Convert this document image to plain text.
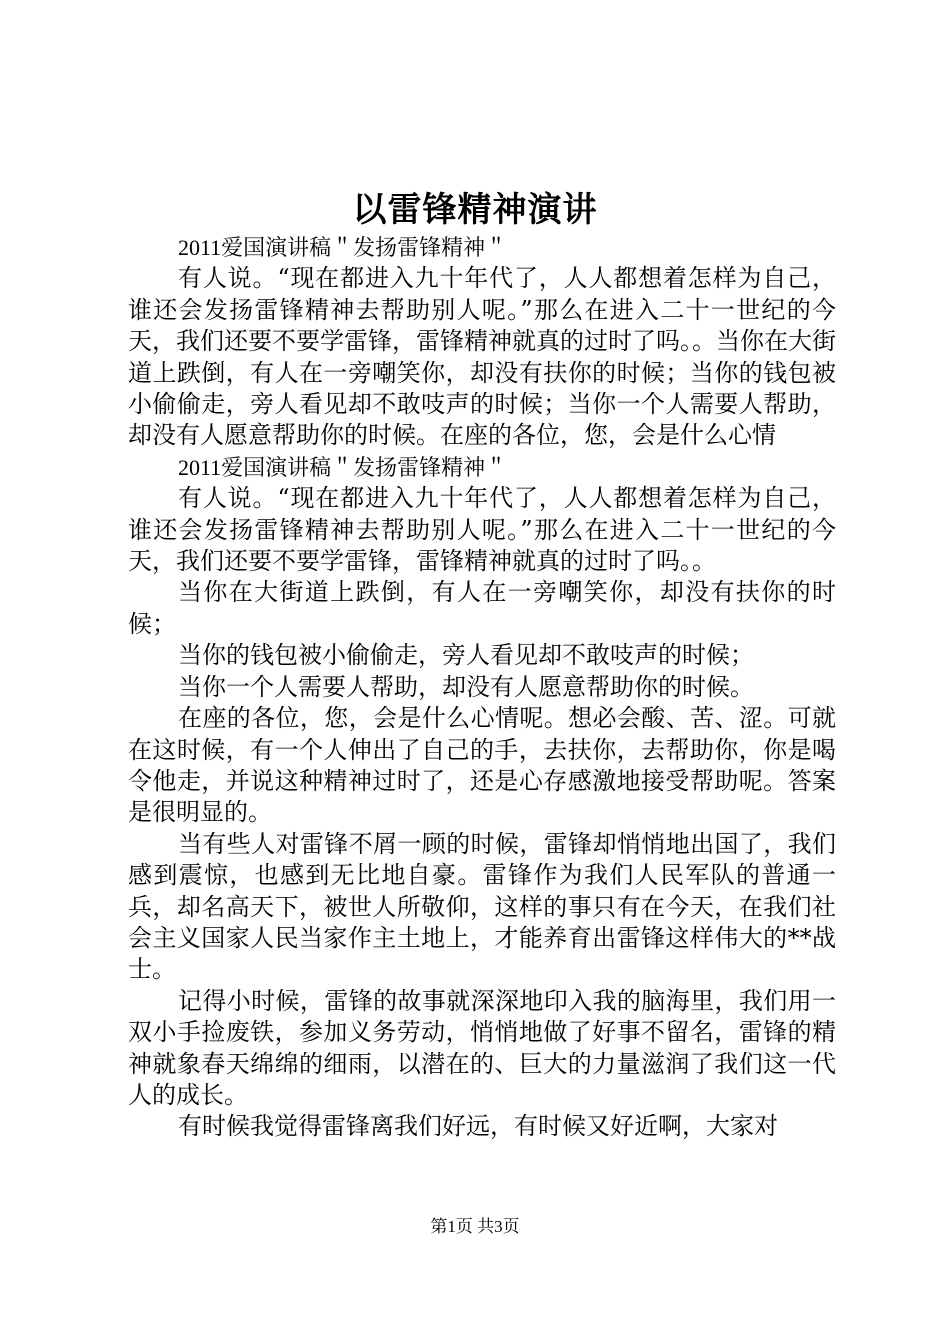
以雷锋精神演讲

2011爱国演讲稿＂发扬雷锋精神＂

有人说。“现在都进入九十年代了，人人都想着怎样为自己，谁还会发扬雷锋精神去帮助别人呢。”那么在进入二十一世纪的今天，我们还要不要学雷锋，雷锋精神就真的过时了吗。。当你在大街道上跌倒，有人在一旁嘲笑你，却没有扶你的时候；当你的钱包被小偷偷走，旁人看见却不敢吱声的时候；当你一个人需要人帮助，却没有人愿意帮助你的时候。在座的各位，您，会是什么心情

2011爱国演讲稿＂发扬雷锋精神＂

有人说。“现在都进入九十年代了，人人都想着怎样为自己，谁还会发扬雷锋精神去帮助别人呢。”那么在进入二十一世纪的今天，我们还要不要学雷锋，雷锋精神就真的过时了吗。。

当你在大街道上跌倒，有人在一旁嘲笑你，却没有扶你的时候；

当你的钱包被小偷偷走，旁人看见却不敢吱声的时候；

当你一个人需要人帮助，却没有人愿意帮助你的时候。

在座的各位，您，会是什么心情呢。想必会酸、苦、涩。可就在这时候，有一个人伸出了自己的手，去扶你，去帮助你，你是喝令他走，并说这种精神过时了，还是心存感激地接受帮助呢。答案是很明显的。

当有些人对雷锋不屑一顾的时候，雷锋却悄悄地出国了，我们感到震惊，也感到无比地自豪。雷锋作为我们人民军队的普通一兵，却名高天下，被世人所敬仰，这样的事只有在今天，在我们社会主义国家人民当家作主土地上，才能养育出雷锋这样伟大的**战士。

记得小时候，雷锋的故事就深深地印入我的脑海里，我们用一双小手捡废铁，参加义务劳动，悄悄地做了好事不留名，雷锋的精神就象春天绵绵的细雨，以潜在的、巨大的力量滋润了我们这一代人的成长。

有时候我觉得雷锋离我们好远，有时候又好近啊，大家对

第1页 共3页
